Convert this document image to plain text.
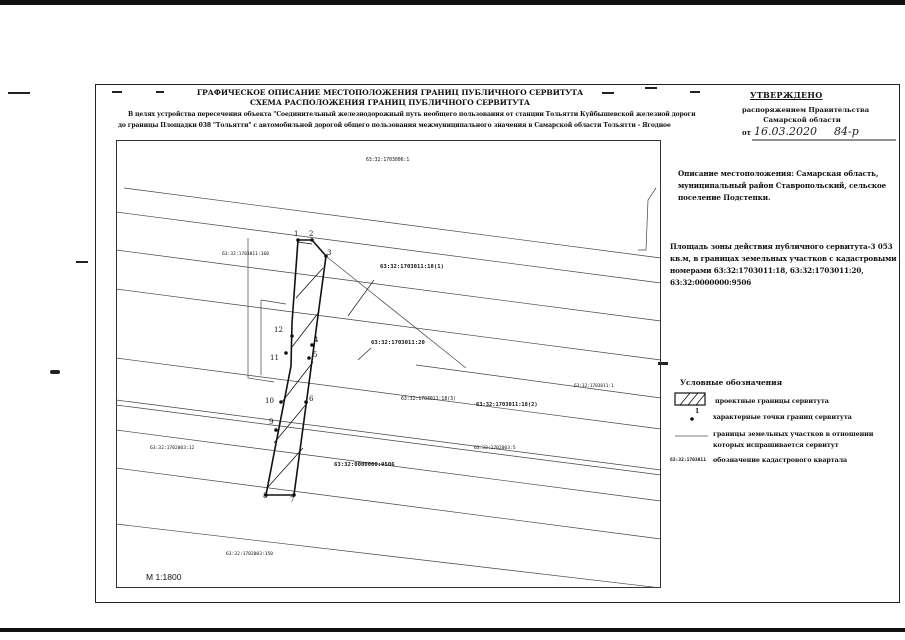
ГРАФИЧЕСКОЕ ОПИСАНИЕ МЕСТОПОЛОЖЕНИЯ ГРАНИЦ ПУБЛИЧНОГО СЕРВИТУТА
СХЕМА РАСПОЛОЖЕНИЯ ГРАНИЦ ПУБЛИЧНОГО СЕРВИТУТА
В целях устройства пересечения объекта "Соединительный железнодорожный путь необщего пользования от станции Тольятти Куйбышевской железной дороги
до границы Площадки 038 "Тольятти" с автомобильной дорогой общего пользования межмуниципального значения в Самарской области Тольятти - Ягодное
УТВЕРЖДЕНО
распоряжением Правительства
Самарской области
от 16.03.2020 84-р
Описание местоположения: Самарская область, муниципальный район Ставропольский, сельское поселение Подстепки.
Площадь зоны действия публичного сервитута-3 053 кв.м, в границах земельных участков с кадастровыми номерами 63:32:1703011:18, 63:32:1703011:20, 63:32:0000000:9506
Условные обозначения
проектные границы сервитута
1
характерные точки границ сервитута
границы земельных участков в отношении
которых испрашивается сервитут
63:32:1703011 обозначение кадастрового квартала
63:32:1703006:1
63:32:1703011:160
63:32:1703011:18(1)
63:32:1703011:20
63:32:1703011:18(3)
63:32:1703011:18(2)
63:32:1703011:1
63:32:1702003:12	63:32:1702003:5
63:32:0000000:9506
63:32:1702003:150
1 2
3
4
5
6
7
8
9
10
11
12
М 1:1800
